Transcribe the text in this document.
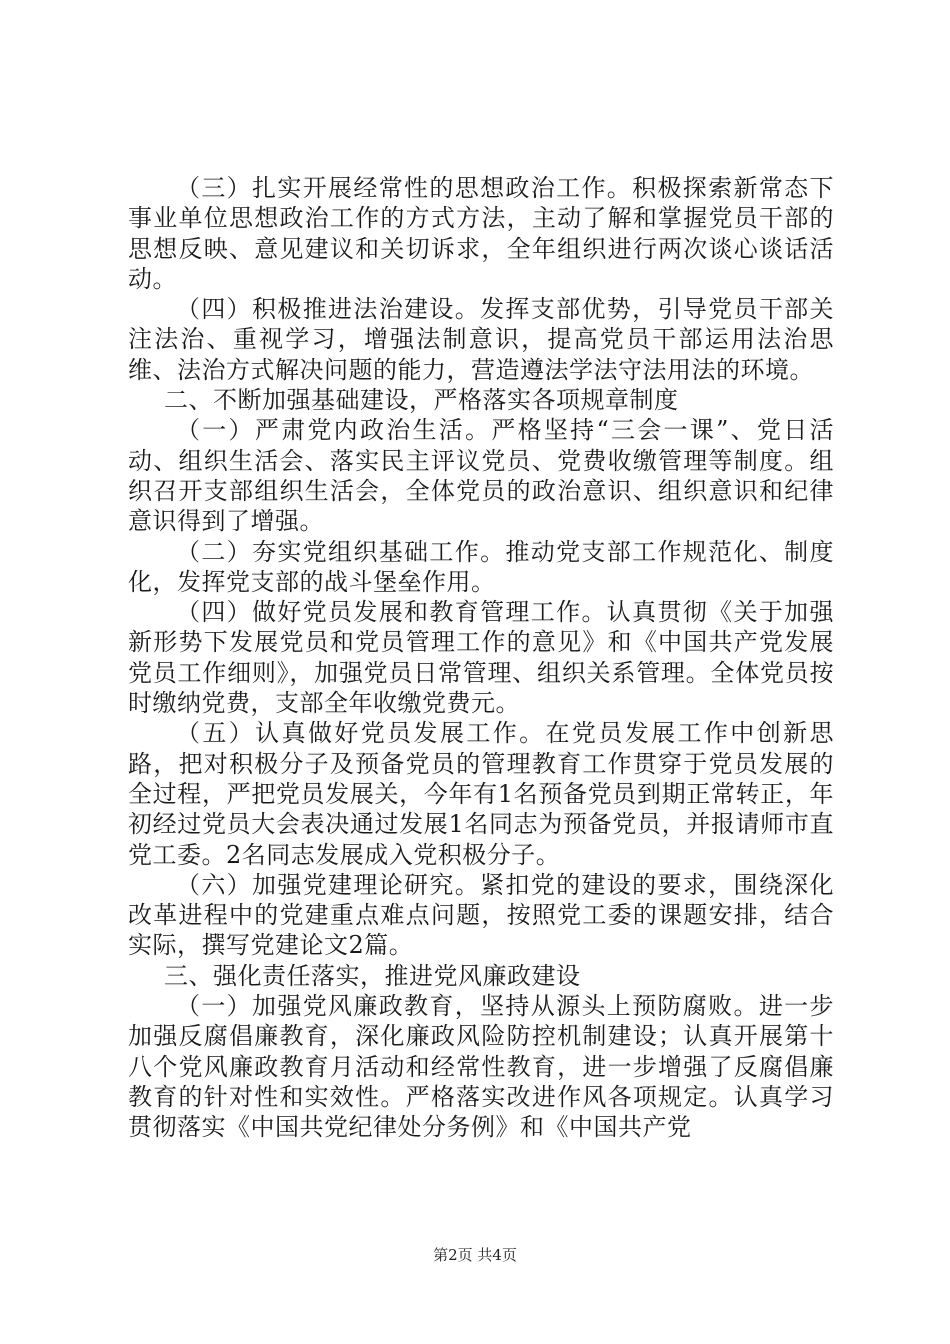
（三）扎实开展经常性的思想政治工作。积极探索新常态下事业单位思想政治工作的方式方法，主动了解和掌握党员干部的思想反映、意见建议和关切诉求，全年组织进行两次谈心谈话活动。

（四）积极推进法治建设。发挥支部优势，引导党员干部关注法治、重视学习，增强法制意识，提高党员干部运用法治思维、法治方式解决问题的能力，营造遵法学法守法用法的环境。

二、不断加强基础建设，严格落实各项规章制度

（一）严肃党内政治生活。严格坚持“三会一课”、党日活动、组织生活会、落实民主评议党员、党费收缴管理等制度。组织召开支部组织生活会，全体党员的政治意识、组织意识和纪律意识得到了增强。

（二）夯实党组织基础工作。推动党支部工作规范化、制度化，发挥党支部的战斗堡垒作用。

（四）做好党员发展和教育管理工作。认真贯彻《关于加强新形势下发展党员和党员管理工作的意见》和《中国共产党发展党员工作细则》，加强党员日常管理、组织关系管理。全体党员按时缴纳党费，支部全年收缴党费元。

（五）认真做好党员发展工作。在党员发展工作中创新思路，把对积极分子及预备党员的管理教育工作贯穿于党员发展的全过程，严把党员发展关，今年有1名预备党员到期正常转正，年初经过党员大会表决通过发展1名同志为预备党员，并报请师市直党工委。2名同志发展成入党积极分子。

（六）加强党建理论研究。紧扣党的建设的要求，围绕深化改革进程中的党建重点难点问题，按照党工委的课题安排，结合实际，撰写党建论文2篇。

三、强化责任落实，推进党风廉政建设

（一）加强党风廉政教育，坚持从源头上预防腐败。进一步加强反腐倡廉教育，深化廉政风险防控机制建设；认真开展第十八个党风廉政教育月活动和经常性教育，进一步增强了反腐倡廉教育的针对性和实效性。严格落实改进作风各项规定。认真学习贯彻落实《中国共党纪律处分务例》和《中国共产党

第2页 共4页
